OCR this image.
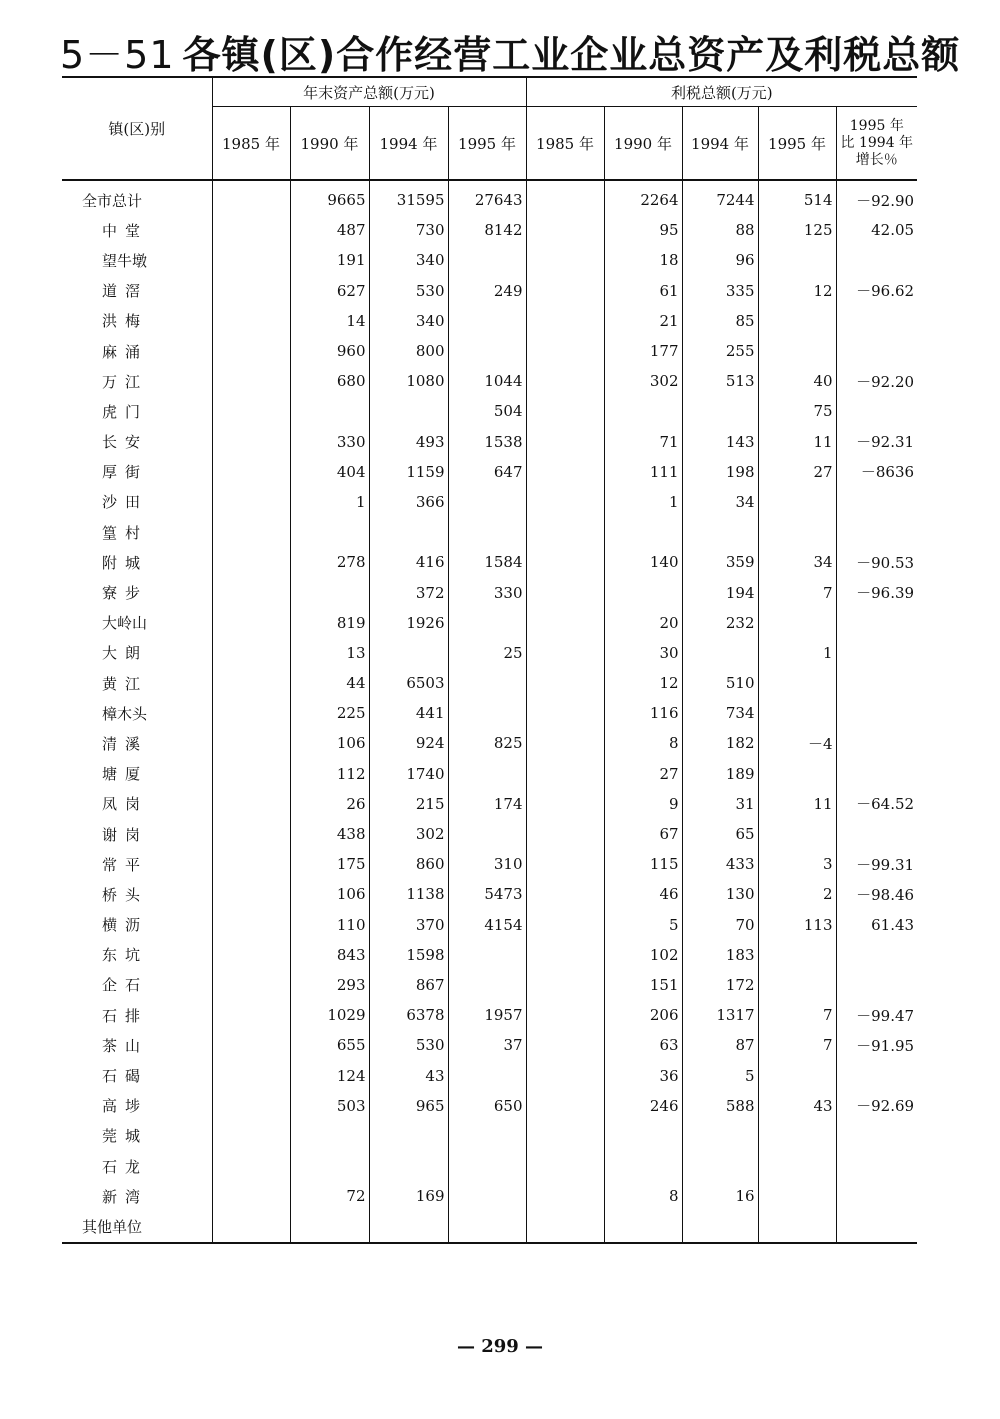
5－51 各镇(区)合作经营工业企业总资产及利税总额
镇(区)别	年末资产总额(万元)				利税总额(万元)				
	1985 年	1990 年	1994 年	1995 年	1985 年	1990 年	1994 年	1995 年	1995 年
比 1994 年
增长％

全市总计		9665	31595	27643		2264	7244	514	－92.90
中堂		487	730	8142		95	88	125	42.05
望牛墩		191	340			18	96		
道滘		627	530	249		61	335	12	－96.62
洪梅		14	340			21	85		
麻涌		960	800			177	255		
万江		680	1080	1044		302	513	40	－92.20
虎门				504				75	
长安		330	493	1538		71	143	11	－92.31
厚街		404	1159	647		111	198	27	－8636
沙田		1	366			1	34		
篁村									
附城		278	416	1584		140	359	34	－90.53
寮步			372	330			194	7	－96.39
大岭山		819	1926			20	232		
大朗		13		25		30		1	
黄江		44	6503			12	510		
樟木头		225	441			116	734		
清溪		106	924	825		8	182	－4	
塘厦		112	1740			27	189		
凤岗		26	215	174		9	31	11	－64.52
谢岗		438	302			67	65		
常平		175	860	310		115	433	3	－99.31
桥头		106	1138	5473		46	130	2	－98.46
横沥		110	370	4154		5	70	113	61.43
东坑		843	1598			102	183		
企石		293	867			151	172		
石排		1029	6378	1957		206	1317	7	－99.47
茶山		655	530	37		63	87	7	－91.95
石碣		124	43			36	5		
高埗		503	965	650		246	588	43	－92.69
莞城									
石龙									
新湾		72	169			8	16		
其他单位									
— 299 —
